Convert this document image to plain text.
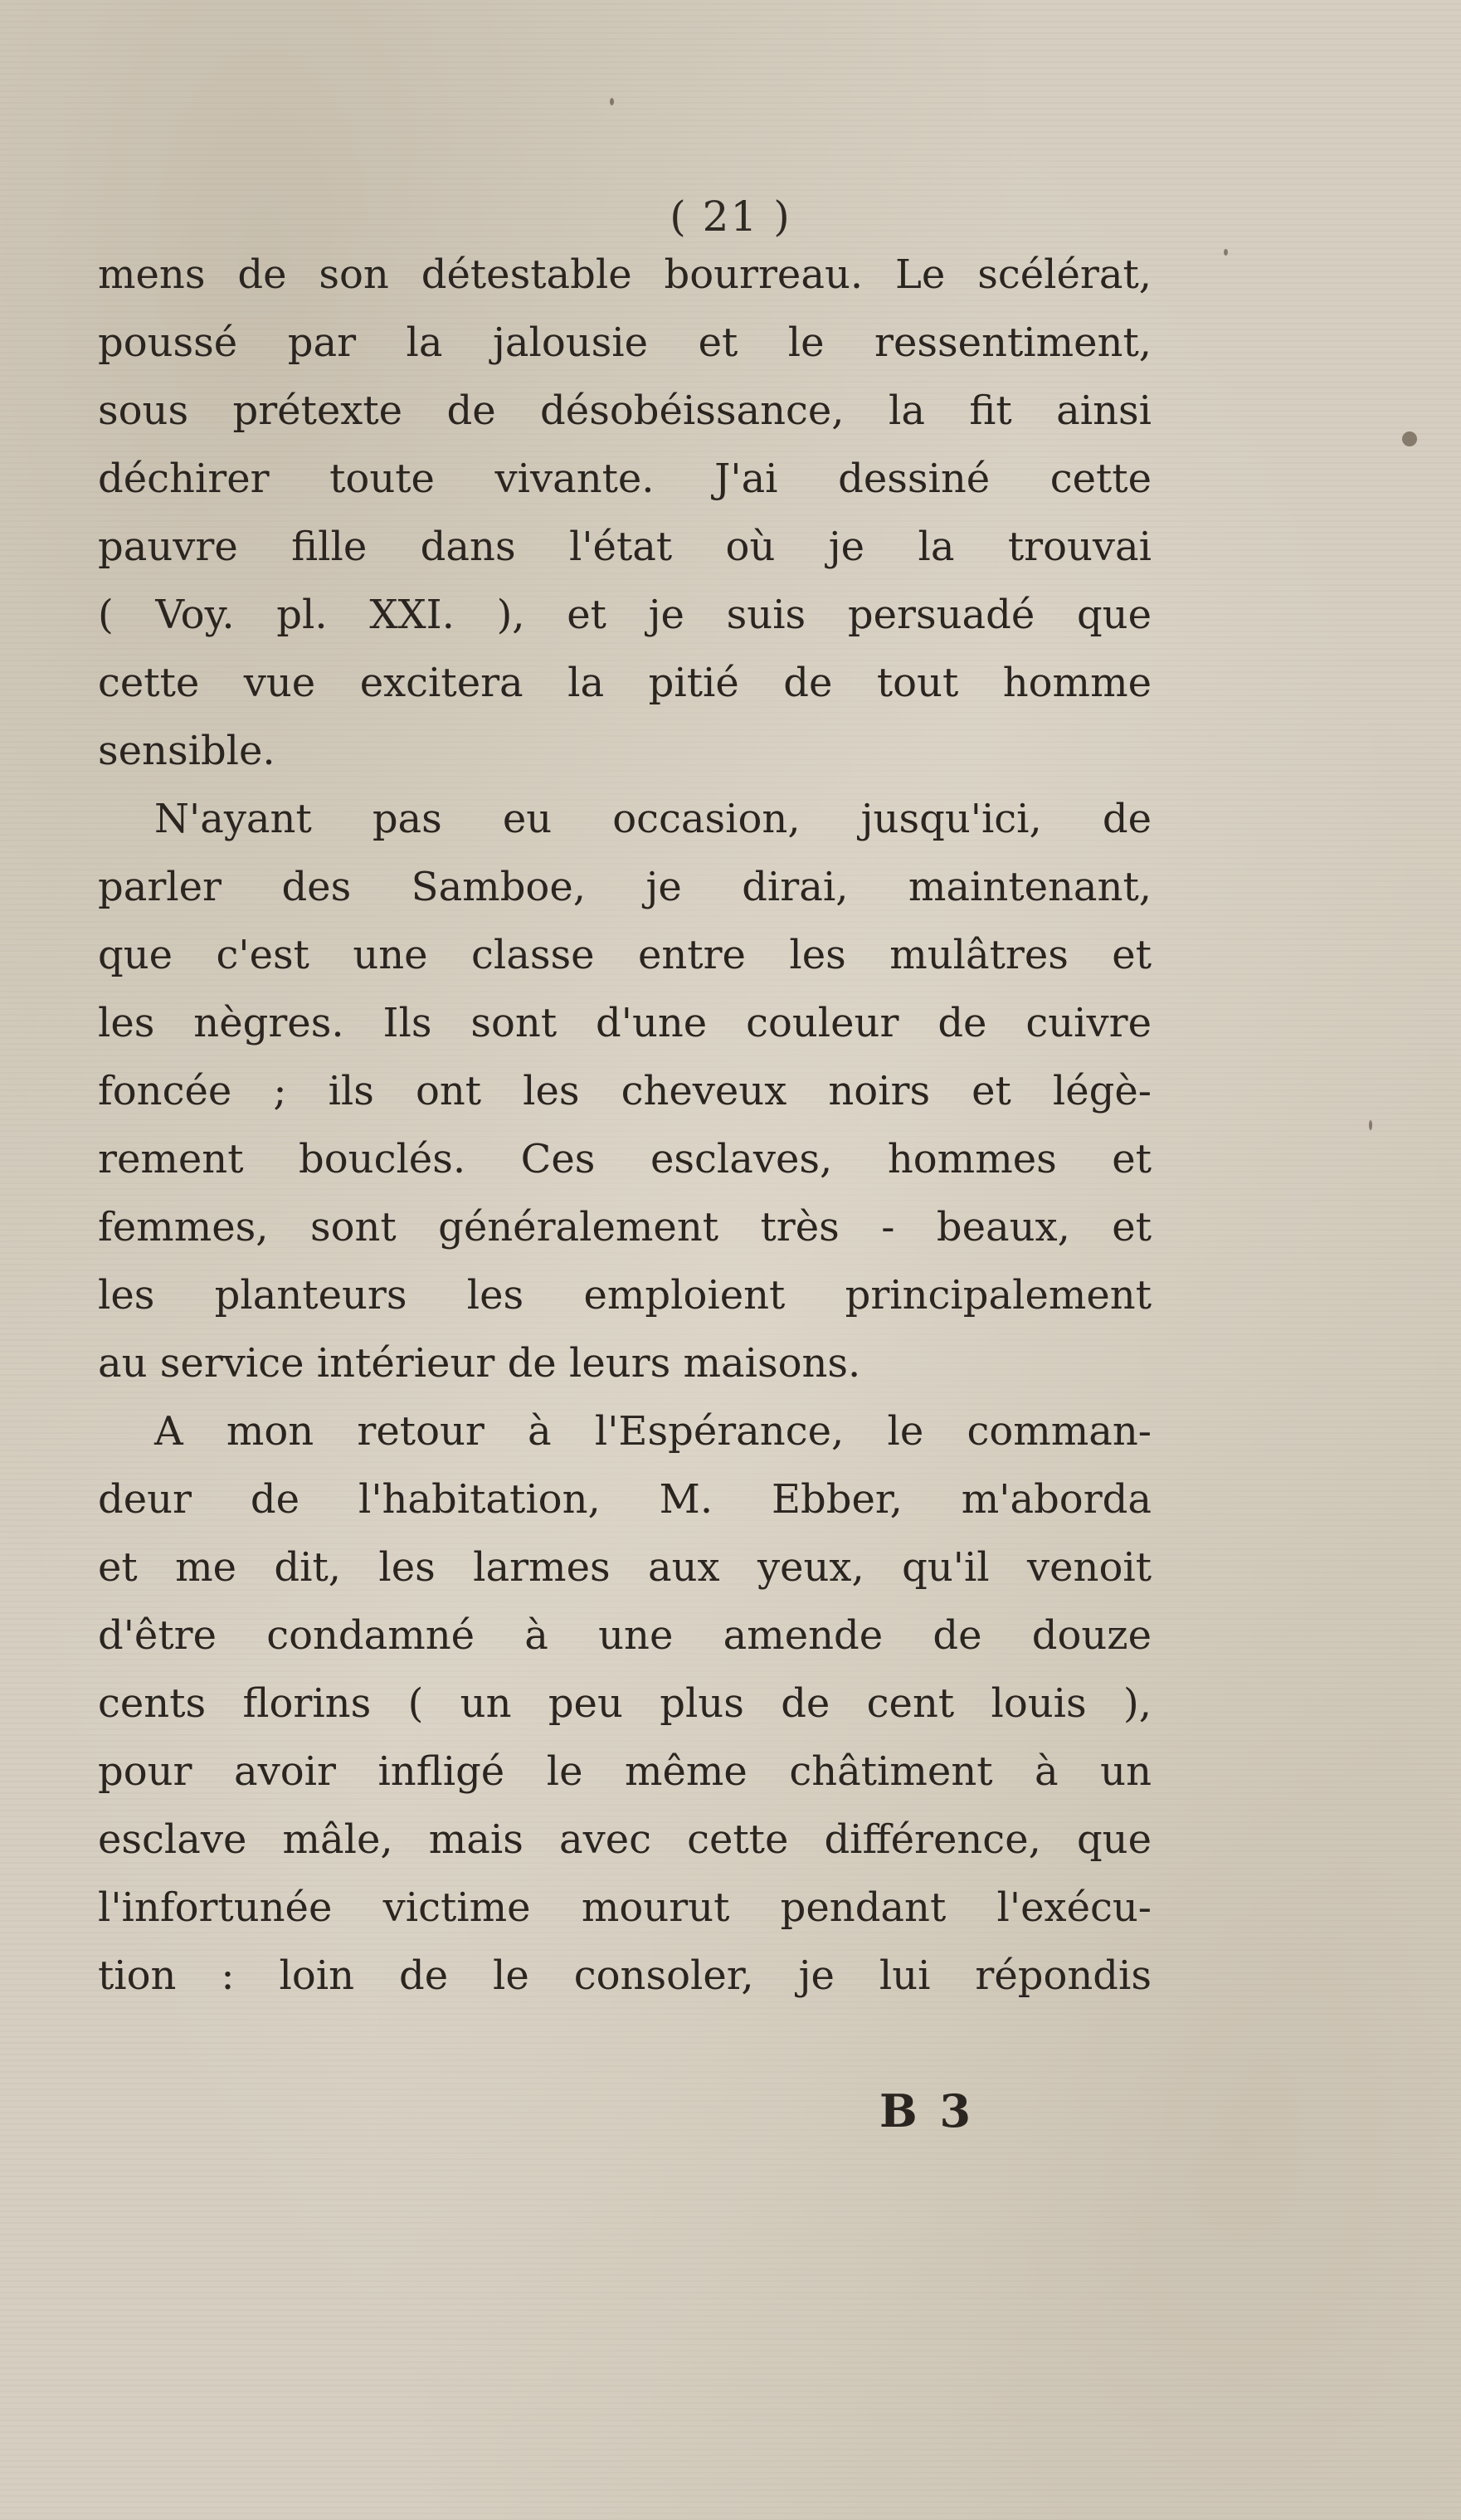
( 21 )
mens de son détestable bourreau. Le scélérat,
poussé par la jalousie et le ressentiment,
sous prétexte de désobéissance, la fit ainsi
déchirer toute vivante. J'ai dessiné cette
pauvre fille dans l'état où je la trouvai
( Voy. pl. XXI. ), et je suis persuadé que
cette vue excitera la pitié de tout homme
sensible.
N'ayant pas eu occasion, jusqu'ici, de
parler des Samboe, je dirai, maintenant,
que c'est une classe entre les mulâtres et
les nègres. Ils sont d'une couleur de cuivre
foncée ; ils ont les cheveux noirs et légè-
rement bouclés. Ces esclaves, hommes et
femmes, sont généralement très - beaux, et
les planteurs les emploient principalement
au service intérieur de leurs maisons.
A mon retour à l'Espérance, le comman-
deur de l'habitation, M. Ebber, m'aborda
et me dit, les larmes aux yeux, qu'il venoit
d'être condamné à une amende de douze
cents florins ( un peu plus de cent louis ),
pour avoir infligé le même châtiment à un
esclave mâle, mais avec cette différence, que
l'infortunée victime mourut pendant l'exécu-
tion : loin de le consoler, je lui répondis
B 3
